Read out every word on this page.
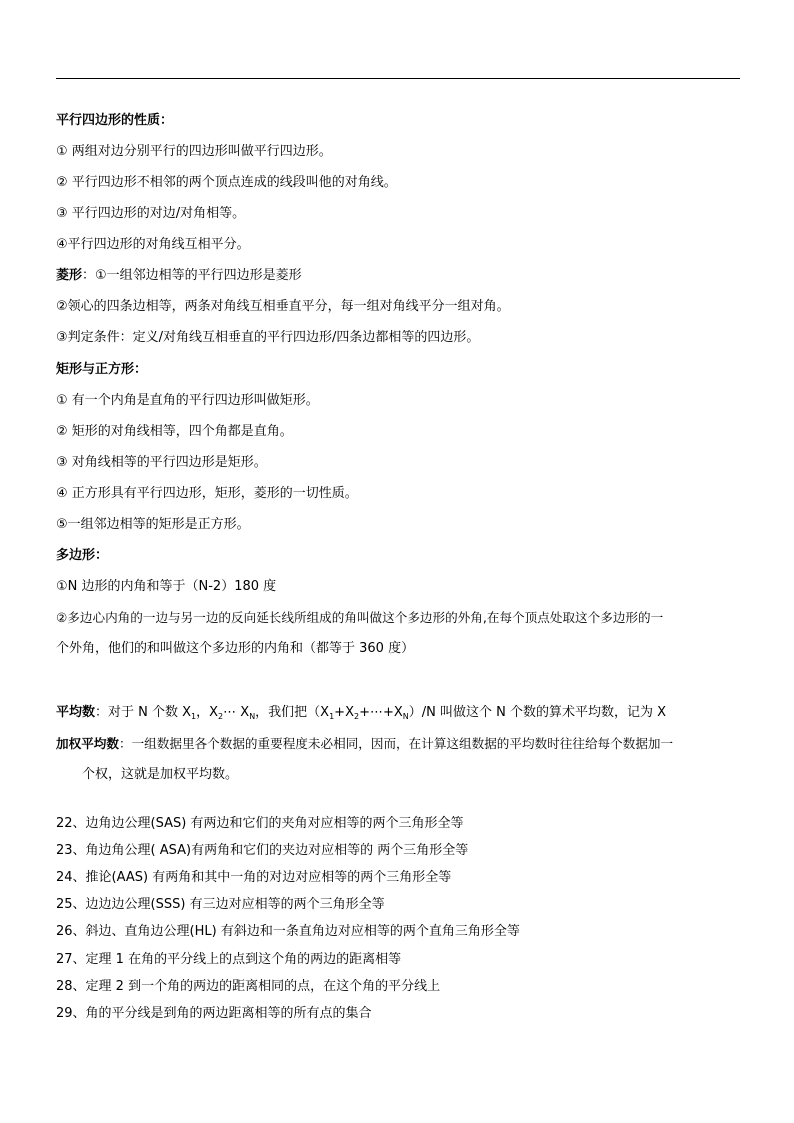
平行四边形的性质：
① 两组对边分别平行的四边形叫做平行四边形。
② 平行四边形不相邻的两个顶点连成的线段叫他的对角线。
③ 平行四边形的对边/对角相等。
④平行四边形的对角线互相平分。
菱形：①一组邻边相等的平行四边形是菱形
②领心的四条边相等，两条对角线互相垂直平分，每一组对角线平分一组对角。
③判定条件：定义/对角线互相垂直的平行四边形/四条边都相等的四边形。
矩形与正方形：
① 有一个内角是直角的平行四边形叫做矩形。
② 矩形的对角线相等，四个角都是直角。
③ 对角线相等的平行四边形是矩形。
④ 正方形具有平行四边形，矩形，菱形的一切性质。
⑤一组邻边相等的矩形是正方形。
多边形：
①N 边形的内角和等于（N-2）180 度
②多边心内角的一边与另一边的反向延长线所组成的角叫做这个多边形的外角,在每个顶点处取这个多边形的一
个外角，他们的和叫做这个多边形的内角和（都等于 360 度）
平均数：对于 N 个数 $X_1$，$X_2\cdots$ $X_N$，我们把$(X_1+X_2+\cdots+X_N)/N$ 叫做这个 N 个数的算术平均数，记为 X
加权平均数：一组数据里各个数据的重要程度未必相同，因而，在计算这组数据的平均数时往往给每个数据加一
个权，这就是加权平均数。
22、边角边公理(SAS) 有两边和它们的夹角对应相等的两个三角形全等
23、角边角公理( ASA)有两角和它们的夹边对应相等的 两个三角形全等
24、推论(AAS) 有两角和其中一角的对边对应相等的两个三角形全等
25、边边边公理(SSS) 有三边对应相等的两个三角形全等
26、斜边、直角边公理(HL) 有斜边和一条直角边对应相等的两个直角三角形全等
27、定理 1 在角的平分线上的点到这个角的两边的距离相等
28、定理 2 到一个角的两边的距离相同的点，在这个角的平分线上
29、角的平分线是到角的两边距离相等的所有点的集合
